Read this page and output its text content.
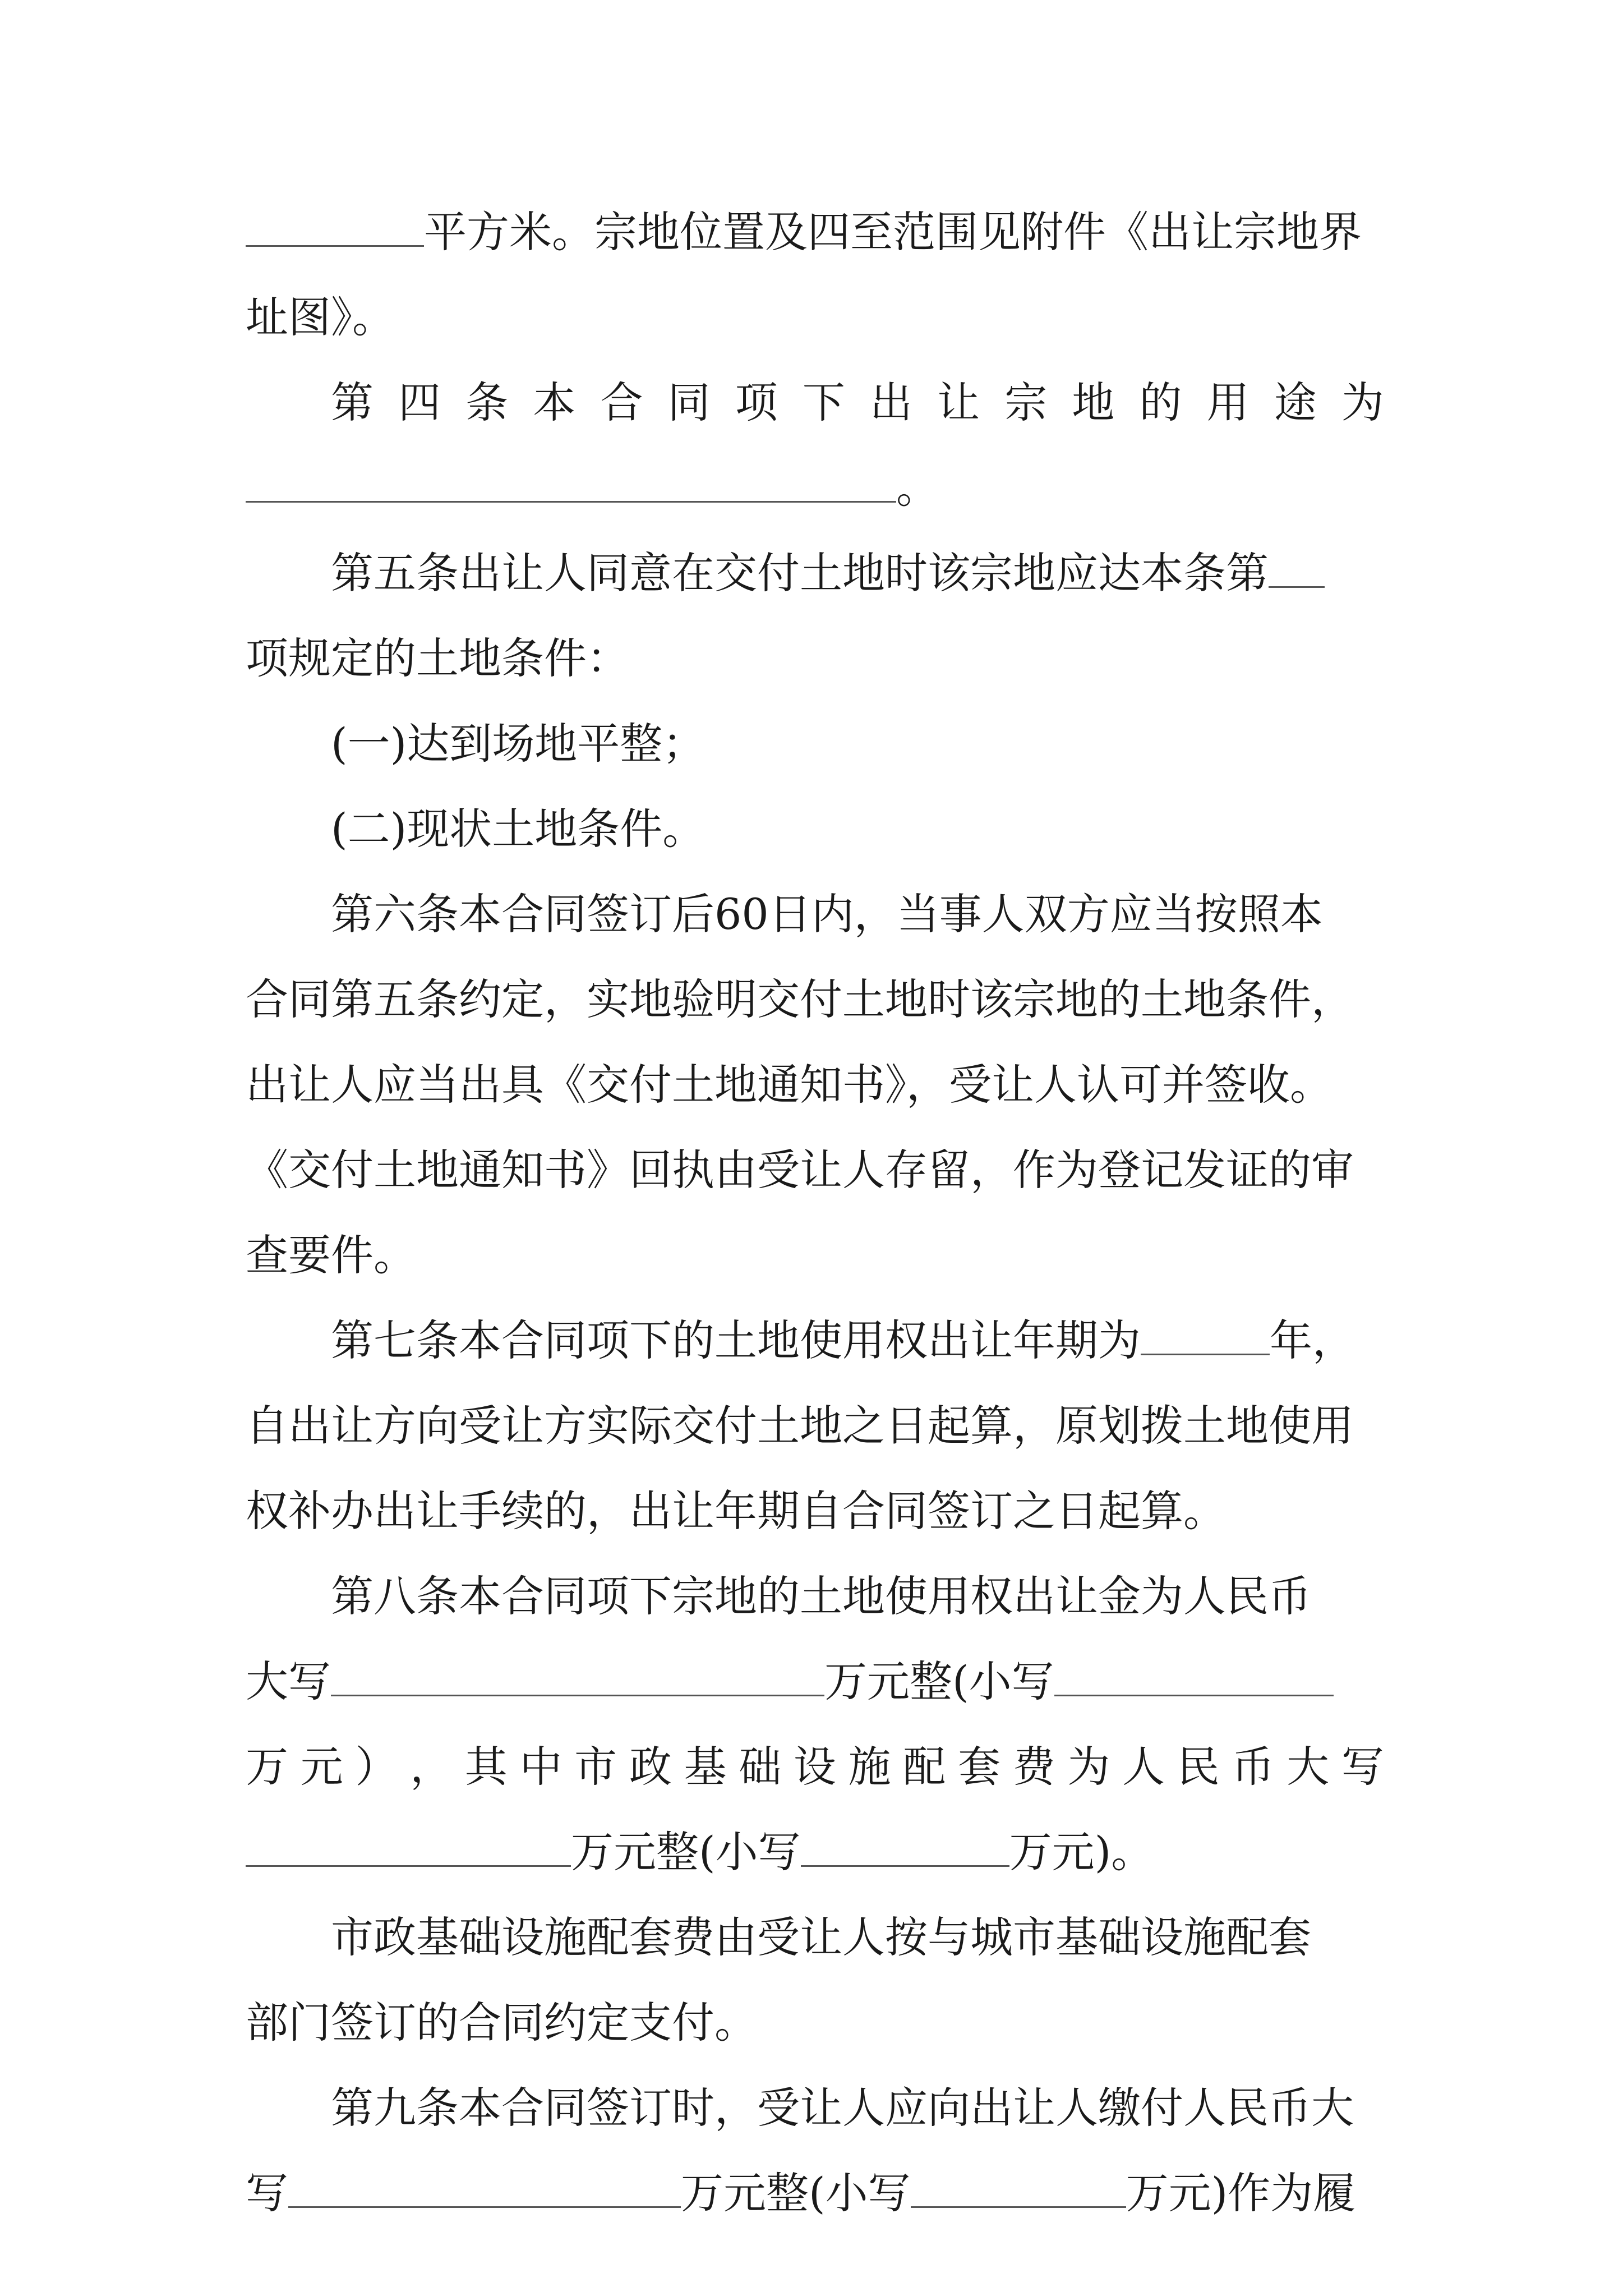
平方米。宗地位置及四至范围见附件《出让宗地界
址图》。
第 四 条 本 合 同 项 下 出 让 宗 地 的 用 途 为
。
第五条出让人同意在交付土地时该宗地应达本条第
项规定的土地条件：
(一)达到场地平整；
(二)现状土地条件。
第六条本合同签订后60日内，当事人双方应当按照本
合同第五条约定，实地验明交付土地时该宗地的土地条件，
出让人应当出具《交付土地通知书》，受让人认可并签收。
《交付土地通知书》回执由受让人存留，作为登记发证的审
查要件。
第七条本合同项下的土地使用权出让年期为	年，
自出让方向受让方实际交付土地之日起算，原划拨土地使用
权补办出让手续的，出让年期自合同签订之日起算。
第八条本合同项下宗地的土地使用权出让金为人民币
大写	万元整(小写
万 元 ） ， 其 中 市 政 基 础 设 施 配 套 费 为 人 民 币 大 写
万元整(小写	万元)。
市政基础设施配套费由受让人按与城市基础设施配套
部门签订的合同约定支付。
第九条本合同签订时，受让人应向出让人缴付人民币大
写	万元整(小写	万元)作为履
